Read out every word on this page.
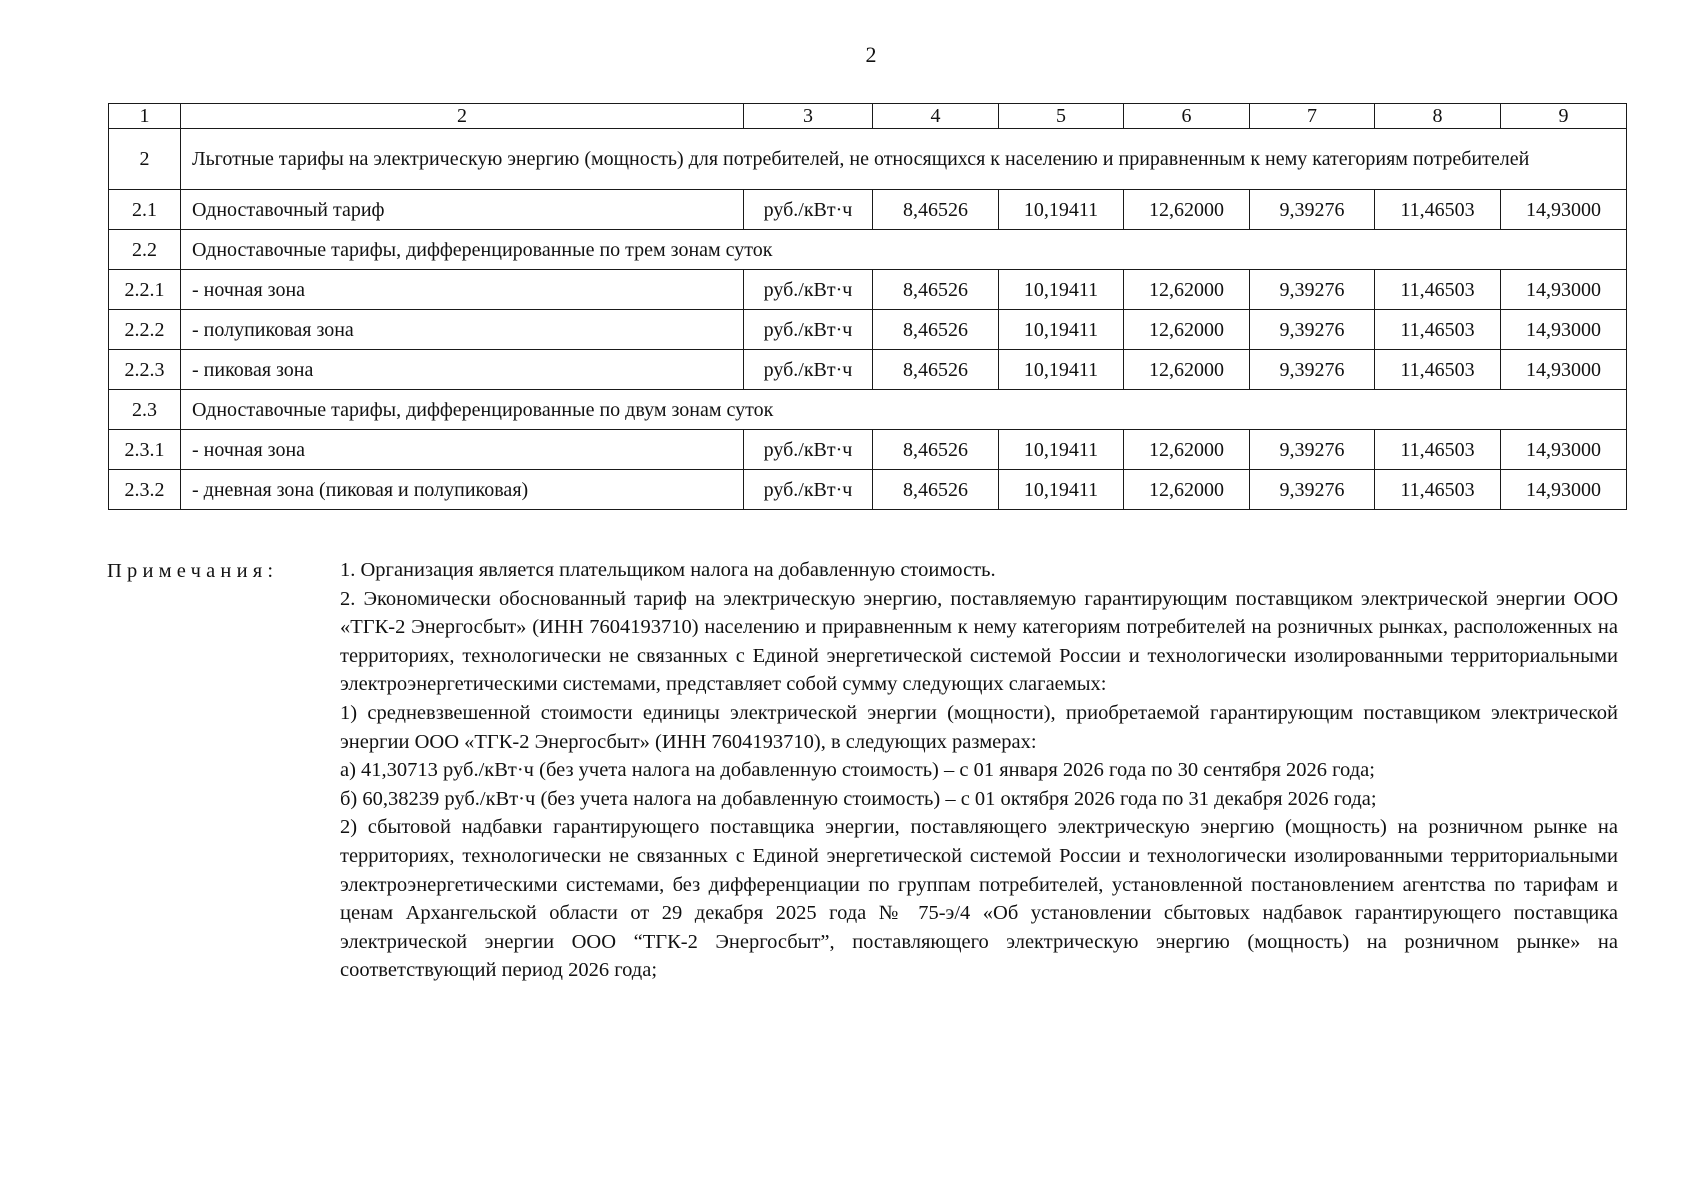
2
1	2	3	4	5	6	7	8	9
2	Льготные тарифы на электрическую энергию (мощность) для потребителей, не относящихся к населению и приравненным к нему категориям потребителей							
2.1	Одноставочный тариф	руб./кВт·ч	8,46526	10,19411	12,62000	9,39276	11,46503	14,93000
2.2	Одноставочные тарифы, дифференцированные по трем зонам суток							
2.2.1	- ночная зона	руб./кВт·ч	8,46526	10,19411	12,62000	9,39276	11,46503	14,93000
2.2.2	- полупиковая зона	руб./кВт·ч	8,46526	10,19411	12,62000	9,39276	11,46503	14,93000
2.2.3	- пиковая зона	руб./кВт·ч	8,46526	10,19411	12,62000	9,39276	11,46503	14,93000
2.3	Одноставочные тарифы, дифференцированные по двум зонам суток							
2.3.1	- ночная зона	руб./кВт·ч	8,46526	10,19411	12,62000	9,39276	11,46503	14,93000
2.3.2	- дневная зона (пиковая и полупиковая)	руб./кВт·ч	8,46526	10,19411	12,62000	9,39276	11,46503	14,93000
Примечания:	1. Организация является плательщиком налога на добавленную стоимость.

2. Экономически обоснованный тариф на электрическую энергию, поставляемую гарантирующим поставщиком электрической энергии ООО «ТГК-2 Энергосбыт» (ИНН 7604193710) населению и приравненным к нему категориям потребителей на розничных рынках, расположенных на территориях, технологически не связанных с Единой энергетической системой России и технологически изолированными территориальными электроэнергетическими системами, представляет собой сумму следующих слагаемых:

1) средневзвешенной стоимости единицы электрической энергии (мощности), приобретаемой гарантирующим поставщиком электрической энергии ООО «ТГК-2 Энергосбыт» (ИНН 7604193710), в следующих размерах:

а) 41,30713 руб./кВт·ч (без учета налога на добавленную стоимость) – с 01 января 2026 года по 30 сентября 2026 года;

б) 60,38239 руб./кВт·ч (без учета налога на добавленную стоимость) – с 01 октября 2026 года по 31 декабря 2026 года;

2) сбытовой надбавки гарантирующего поставщика энергии, поставляющего электрическую энергию (мощность) на розничном рынке на территориях, технологически не связанных с Единой энергетической системой России и технологически изолированными территориальными электроэнергетическими системами, без дифференциации по группам потребителей, установленной постановлением агентства по тарифам и ценам Архангельской области от 29 декабря 2025 года № 75-э/4 «Об установлении сбытовых надбавок гарантирующего поставщика электрической энергии ООО “ТГК-2 Энергосбыт”, поставляющего электрическую энергию (мощность) на розничном рынке» на соответствующий период 2026 года;
